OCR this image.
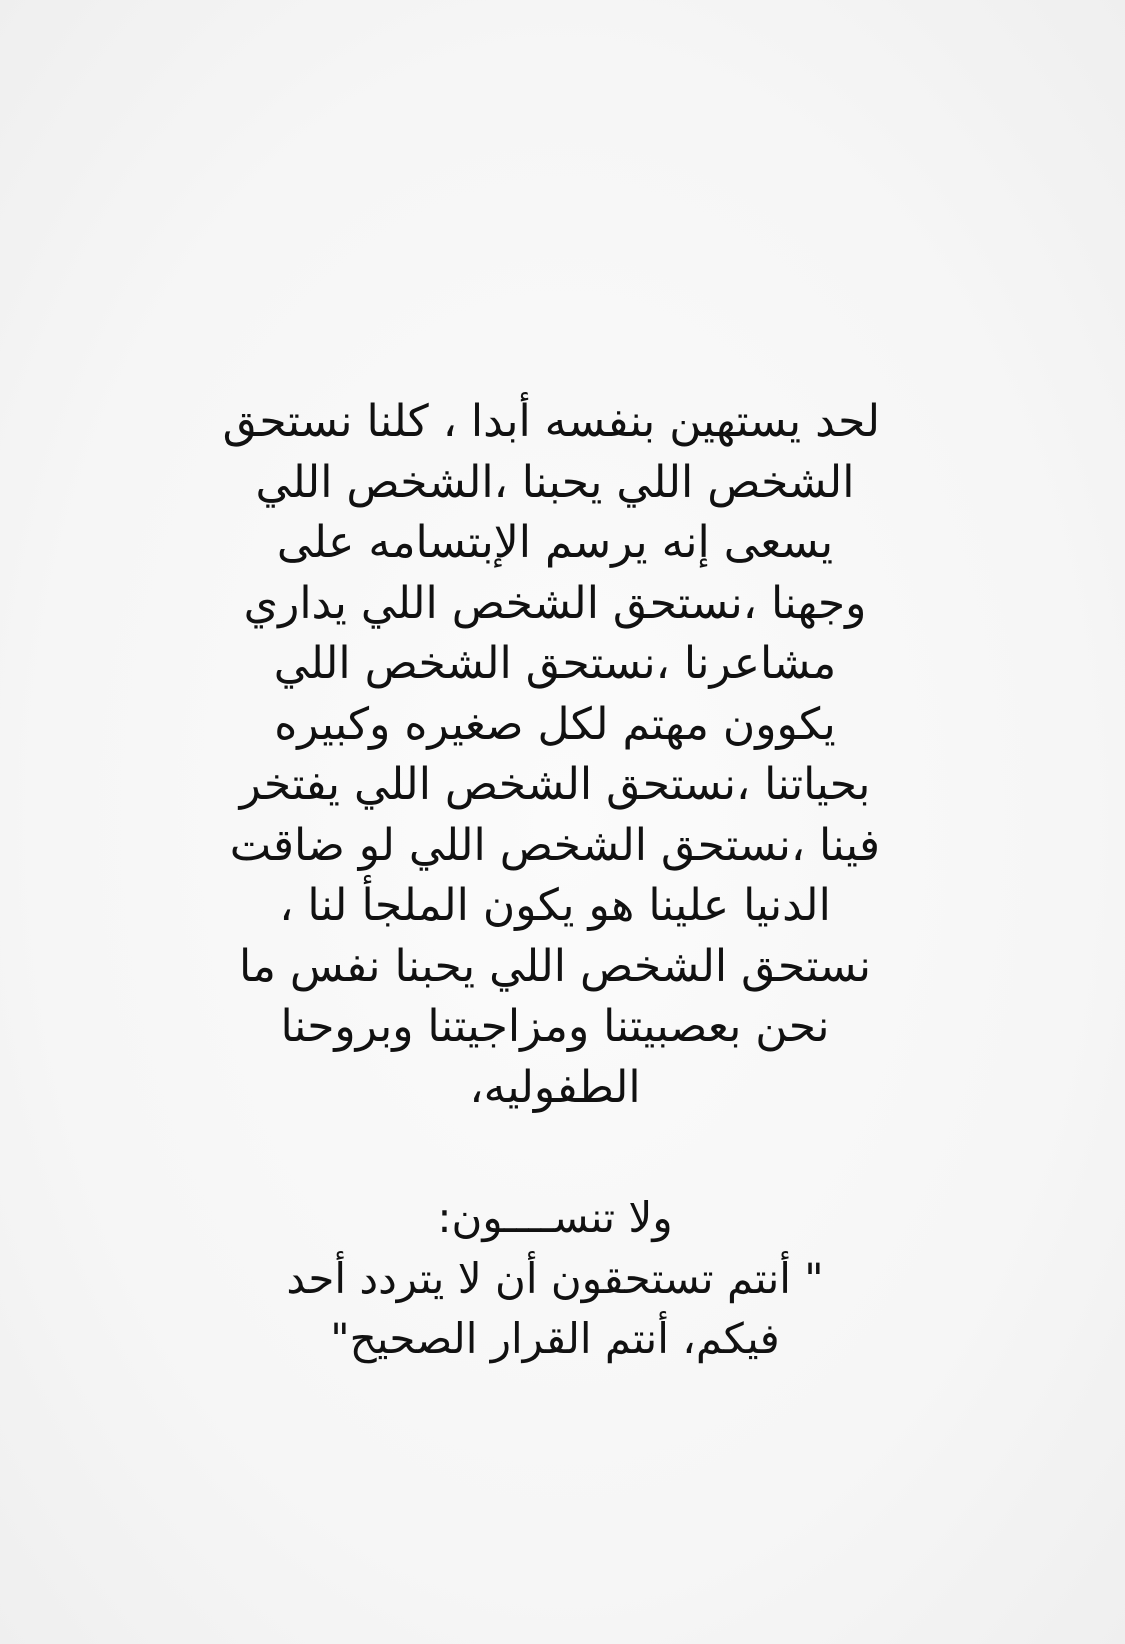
لحد يستهين بنفسه أبدا ، كلنا نستحق
الشخص اللي يحبنا ،الشخص اللي
يسعى إنه يرسم الإبتسامه على
وجهنا ،نستحق الشخص اللي يداري
مشاعرنا ،نستحق الشخص اللي
يكوون مهتم لكل صغيره وكبيره
بحياتنا ،نستحق الشخص اللي يفتخر
فينا ،نستحق الشخص اللي لو ضاقت
الدنيا علينا هو يكون الملجأ لنا ،
نستحق الشخص اللي يحبنا نفس ما
نحن بعصبيتنا ومزاجيتنا وبروحنا
الطفوليه،
ولا تنســــون:
" أنتم تستحقون أن لا يتردد أحد
فيكم، أنتم القرار الصحيح"
